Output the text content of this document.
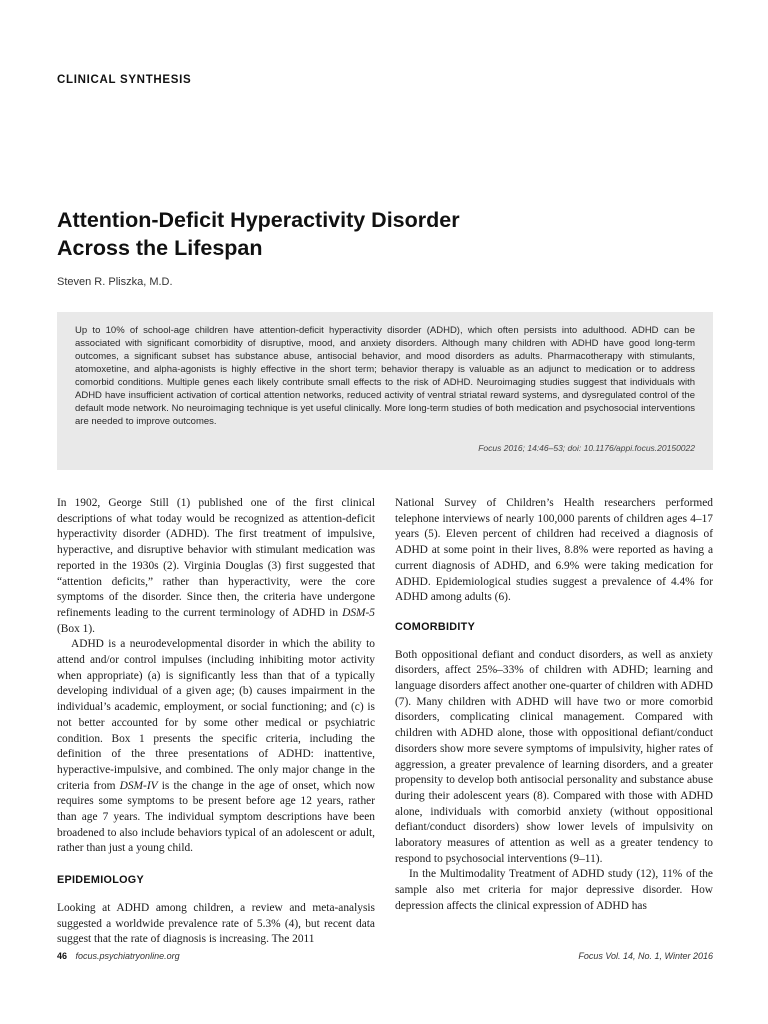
CLINICAL SYNTHESIS
Attention-Deficit Hyperactivity Disorder
Across the Lifespan
Steven R. Pliszka, M.D.

Up to 10% of school-age children have attention-deficit hyperactivity disorder (ADHD), which often persists into adulthood. ADHD can be associated with significant comorbidity of disruptive, mood, and anxiety disorders. Although many children with ADHD have good long-term outcomes, a significant subset has substance abuse, antisocial behavior, and mood disorders as adults. Pharmacotherapy with stimulants, atomoxetine, and alpha-agonists is highly effective in the short term; behavior therapy is valuable as an adjunct to medication or to address comorbid conditions. Multiple genes each likely contribute small effects to the risk of ADHD. Neuroimaging studies suggest that individuals with ADHD have insufficient activation of cortical attention networks, reduced activity of ventral striatal reward systems, and dysregulated control of the default mode network. No neuroimaging technique is yet useful clinically. More long-term studies of both medication and psychosocial interventions are needed to improve outcomes.

Focus 2016; 14:46–53; doi: 10.1176/appi.focus.20150022

In 1902, George Still (1) published one of the first clinical descriptions of what today would be recognized as attention-deficit hyperactivity disorder (ADHD). The first treatment of impulsive, hyperactive, and disruptive behavior with stimulant medication was reported in the 1930s (2). Virginia Douglas (3) first suggested that “attention deficits,” rather than hyperactivity, were the core symptoms of the disorder. Since then, the criteria have undergone refinements leading to the current terminology of ADHD in DSM-5 (Box 1).

ADHD is a neurodevelopmental disorder in which the ability to attend and/or control impulses (including inhibiting motor activity when appropriate) (a) is significantly less than that of a typically developing individual of a given age; (b) causes impairment in the individual’s academic, employment, or social functioning; and (c) is not better accounted for by some other medical or psychiatric condition. Box 1 presents the specific criteria, including the definition of the three presentations of ADHD: inattentive, hyperactive-impulsive, and combined. The only major change in the criteria from DSM-IV is the change in the age of onset, which now requires some symptoms to be present before age 12 years, rather than age 7 years. The individual symptom descriptions have been broadened to also include behaviors typical of an adolescent or adult, rather than just a young child.

EPIDEMIOLOGY

Looking at ADHD among children, a review and meta-analysis suggested a worldwide prevalence rate of 5.3% (4), but recent data suggest that the rate of diagnosis is increasing. The 2011

National Survey of Children’s Health researchers performed telephone interviews of nearly 100,000 parents of children ages 4–17 years (5). Eleven percent of children had received a diagnosis of ADHD at some point in their lives, 8.8% were reported as having a current diagnosis of ADHD, and 6.9% were taking medication for ADHD. Epidemiological studies suggest a prevalence of 4.4% for ADHD among adults (6).

COMORBIDITY

Both oppositional defiant and conduct disorders, as well as anxiety disorders, affect 25%–33% of children with ADHD; learning and language disorders affect another one-quarter of children with ADHD (7). Many children with ADHD will have two or more comorbid disorders, complicating clinical management. Compared with children with ADHD alone, those with oppositional defiant/conduct disorders show more severe symptoms of impulsivity, higher rates of aggression, a greater prevalence of learning disorders, and a greater propensity to develop both antisocial personality and substance abuse during their adolescent years (8). Compared with those with ADHD alone, individuals with comorbid anxiety (without oppositional defiant/conduct disorders) show lower levels of impulsivity on laboratory measures of attention as well as a greater tendency to respond to psychosocial interventions (9–11).

In the Multimodality Treatment of ADHD study (12), 11% of the sample also met criteria for major depressive disorder. How depression affects the clinical expression of ADHD has

46 focus.psychiatryonline.org	Focus Vol. 14, No. 1, Winter 2016
